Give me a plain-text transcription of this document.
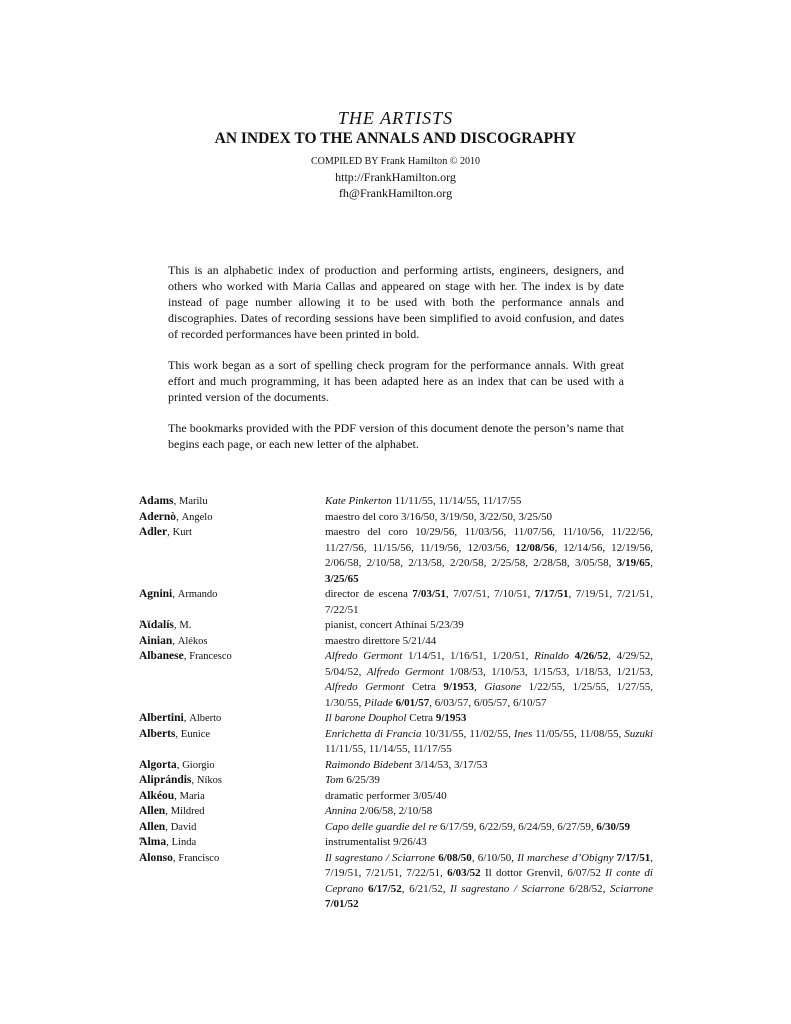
THE ARTISTS
AN INDEX TO THE ANNALS AND DISCOGRAPHY
COMPILED BY Frank Hamilton © 2010
http://FrankHamilton.org
fh@FrankHamilton.org

This is an alphabetic index of production and performing artists, engineers, designers, and others who worked with Maria Callas and appeared on stage with her. The index is by date instead of page number allowing it to be used with both the performance annals and discographies. Dates of recording sessions have been simplified to avoid confusion, and dates of recorded performances have been printed in bold.

This work began as a sort of spelling check program for the performance annals. With great effort and much programming, it has been adapted here as an index that can be used with a printed version of the documents.

The bookmarks provided with the PDF version of this document denote the person’s name that begins each page, or each new letter of the alphabet.

Adams, Marilu	Kate Pinkerton 11/11/55, 11/14/55, 11/17/55
Adernò, Angelo	maestro del coro 3/16/50, 3/19/50, 3/22/50, 3/25/50
Adler, Kurt	maestro del coro 10/29/56, 11/03/56, 11/07/56, 11/10/56, 11/22/56, 11/27/56, 11/15/56, 11/19/56, 12/03/56, 12/08/56, 12/14/56, 12/19/56, 2/06/58, 2/10/58, 2/13/58, 2/20/58, 2/25/58, 2/28/58, 3/05/58, 3/19/65, 3/25/65
Agnini, Armando	director de escena 7/03/51, 7/07/51, 7/10/51, 7/17/51, 7/19/51, 7/21/51, 7/22/51
Ἀϊdalís, M.	pianist, concert Athínai 5/23/39
Ainian, Alékos	maestro direttore 5/21/44
Albanese, Francesco	Alfredo Germont 1/14/51, 1/16/51, 1/20/51, Rinaldo 4/26/52, 4/29/52, 5/04/52, Alfredo Germont 1/08/53, 1/10/53, 1/15/53, 1/18/53, 1/21/53, Alfredo Germont Cetra 9/1953, Giasone 1/22/55, 1/25/55, 1/27/55, 1/30/55, Pilade 6/01/57, 6/03/57, 6/05/57, 6/10/57
Albertini, Alberto	Il barone Douphol Cetra 9/1953
Alberts, Eunice	Enrichetta di Francia 10/31/55, 11/02/55, Ines 11/05/55, 11/08/55, Suzuki 11/11/55, 11/14/55, 11/17/55
Algorta, Giorgio	Raimondo Bidebent 3/14/53, 3/17/53
Aliprándis, Níkos	Tom 6/25/39
Alkéou, Maria	dramatic performer 3/05/40
Allen, Mildred	Annina 2/06/58, 2/10/58
Allen, David	Capo delle guardie del re 6/17/59, 6/22/59, 6/24/59, 6/27/59, 6/30/59
Ἄlma, Linda	instrumentalist 9/26/43
Alonso, Francisco	Il sagrestano / Sciarrone 6/08/50, 6/10/50, Il marchese d’Obigny 7/17/51, 7/19/51, 7/21/51, 7/22/51, 6/03/52 Il dottor Grenvil, 6/07/52 Il conte di Ceprano 6/17/52, 6/21/52, Il sagrestano / Sciarrone 6/28/52, Sciarrone 7/01/52
